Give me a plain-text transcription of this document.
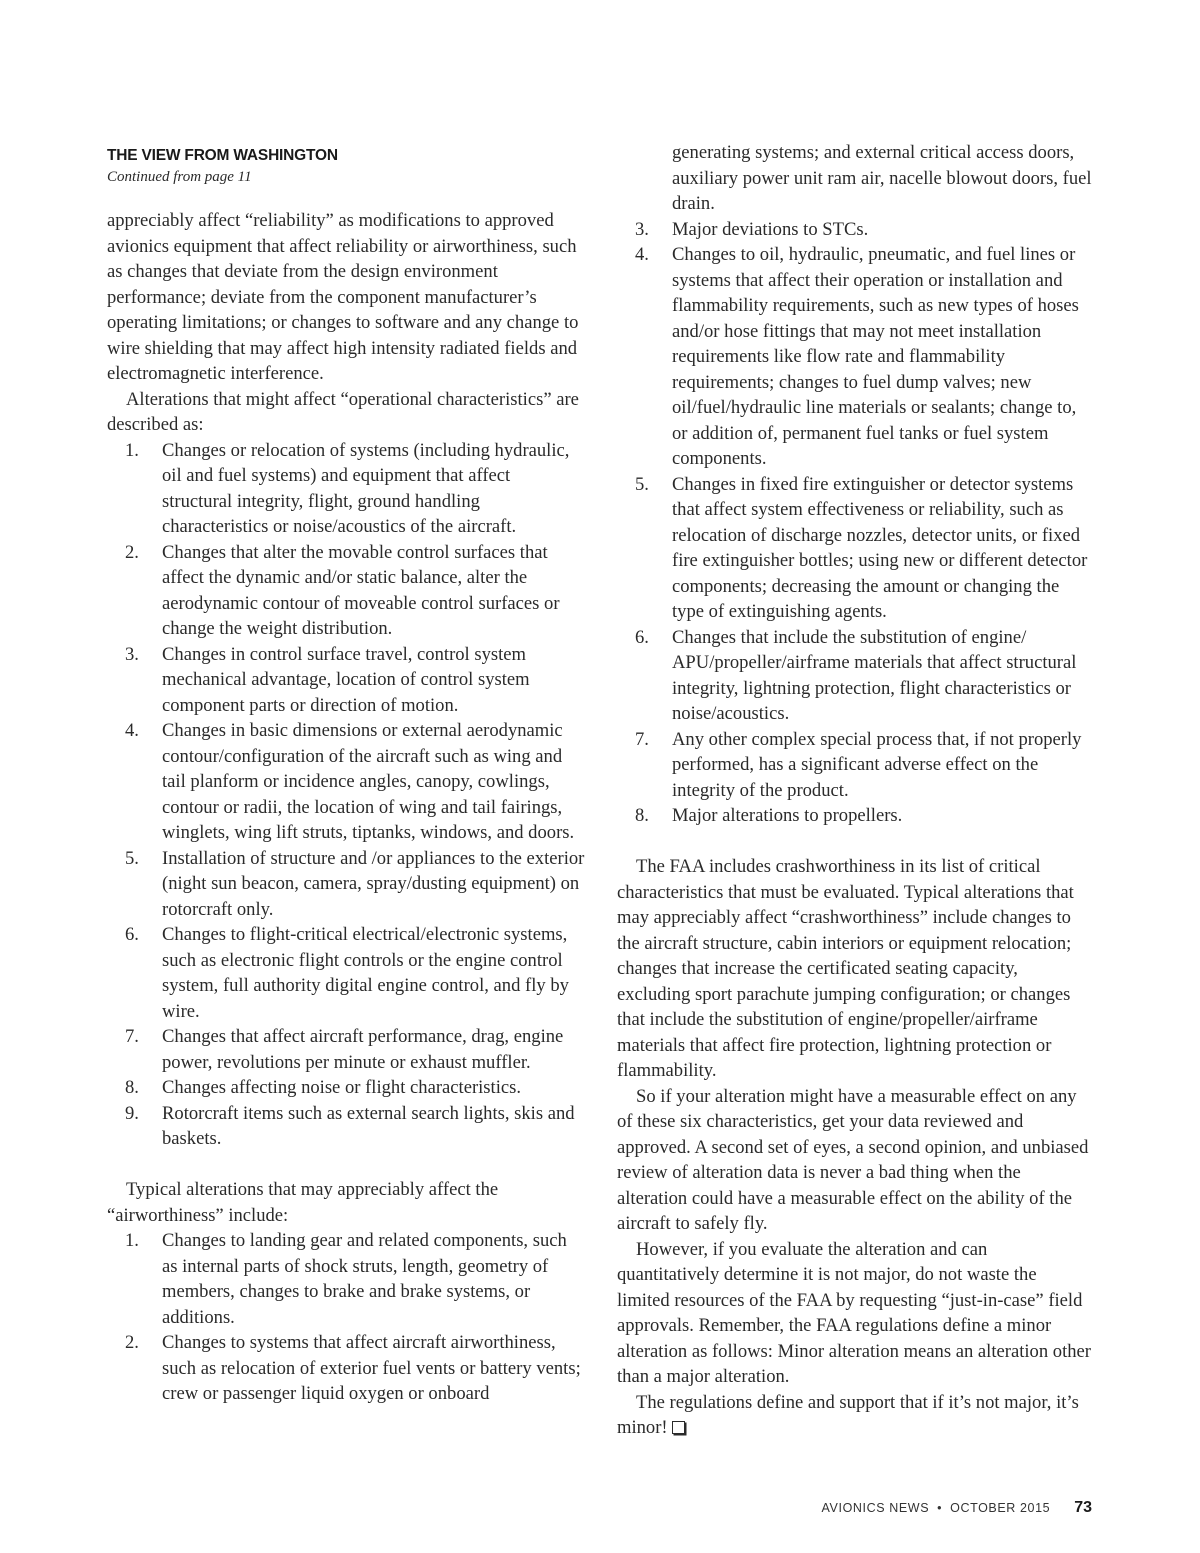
THE VIEW FROM WASHINGTON
Continued from page 11

appreciably affect “reliability” as modifications to approved avionics equipment that affect reliability or airworthiness, such as changes that deviate from the design environment performance; deviate from the component manufacturer’s operating limitations; or changes to software and any change to wire shielding that may affect high intensity radiated fields and electromagnetic interference.

Alterations that might affect “operational characteristics” are described as:

1. Changes or relocation of systems (including hydraulic, oil and fuel systems) and equipment that affect structural integrity, flight, ground handling characteristics or noise/acoustics of the aircraft.
2. Changes that alter the movable control surfaces that affect the dynamic and/or static balance, alter the aerodynamic contour of moveable control surfaces or change the weight distribution.
3. Changes in control surface travel, control system mechanical advantage, location of control system component parts or direction of motion.
4. Changes in basic dimensions or external aerodynamic contour/configuration of the aircraft such as wing and tail planform or incidence angles, canopy, cowlings, contour or radii, the location of wing and tail fairings, winglets, wing lift struts, tiptanks, windows, and doors.
5. Installation of structure and /or appliances to the exterior (night sun beacon, camera, spray/dusting equipment) on rotorcraft only.
6. Changes to flight-critical electrical/electronic systems, such as electronic flight controls or the engine control system, full authority digital engine control, and fly by wire.
7. Changes that affect aircraft performance, drag, engine power, revolutions per minute or exhaust muffler.
8. Changes affecting noise or flight characteristics.
9. Rotorcraft items such as external search lights, skis and baskets.

Typical alterations that may appreciably affect the “airworthiness” include:

1. Changes to landing gear and related components, such as internal parts of shock struts, length, geometry of members, changes to brake and brake systems, or additions.
2. Changes to systems that affect aircraft airworthiness, such as relocation of exterior fuel vents or battery vents; crew or passenger liquid oxygen or onboard
generating systems; and external critical access doors, auxiliary power unit ram air, nacelle blowout doors, fuel drain.
3. Major deviations to STCs.
4. Changes to oil, hydraulic, pneumatic, and fuel lines or systems that affect their operation or installation and flammability requirements, such as new types of hoses and/or hose fittings that may not meet installation requirements like flow rate and flammability requirements; changes to fuel dump valves; new oil/fuel/hydraulic line materials or sealants; change to, or addition of, permanent fuel tanks or fuel system components.
5. Changes in fixed fire extinguisher or detector systems that affect system effectiveness or reliability, such as relocation of discharge nozzles, detector units, or fixed fire extinguisher bottles; using new or different detector components; decreasing the amount or changing the type of extinguishing agents.
6. Changes that include the substitution of engine/ APU/propeller/airframe materials that affect structural integrity, lightning protection, flight characteristics or noise/acoustics.
7. Any other complex special process that, if not properly performed, has a significant adverse effect on the integrity of the product.
8. Major alterations to propellers.

The FAA includes crashworthiness in its list of critical characteristics that must be evaluated. Typical alterations that may appreciably affect “crashworthiness” include changes to the aircraft structure, cabin interiors or equipment relocation; changes that increase the certificated seating capacity, excluding sport parachute jumping configuration; or changes that include the substitution of engine/propeller/airframe materials that affect fire protection, lightning protection or flammability.

So if your alteration might have a measurable effect on any of these six characteristics, get your data reviewed and approved. A second set of eyes, a second opinion, and unbiased review of alteration data is never a bad thing when the alteration could have a measurable effect on the ability of the aircraft to safely fly.

However, if you evaluate the alteration and can quantitatively determine it is not major, do not waste the limited resources of the FAA by requesting “just-in-case” field approvals. Remember, the FAA regulations define a minor alteration as follows: Minor alteration means an alteration other than a major alteration.

The regulations define and support that if it’s not major, it’s minor!

AVIONICS NEWS • OCTOBER 2015 73
